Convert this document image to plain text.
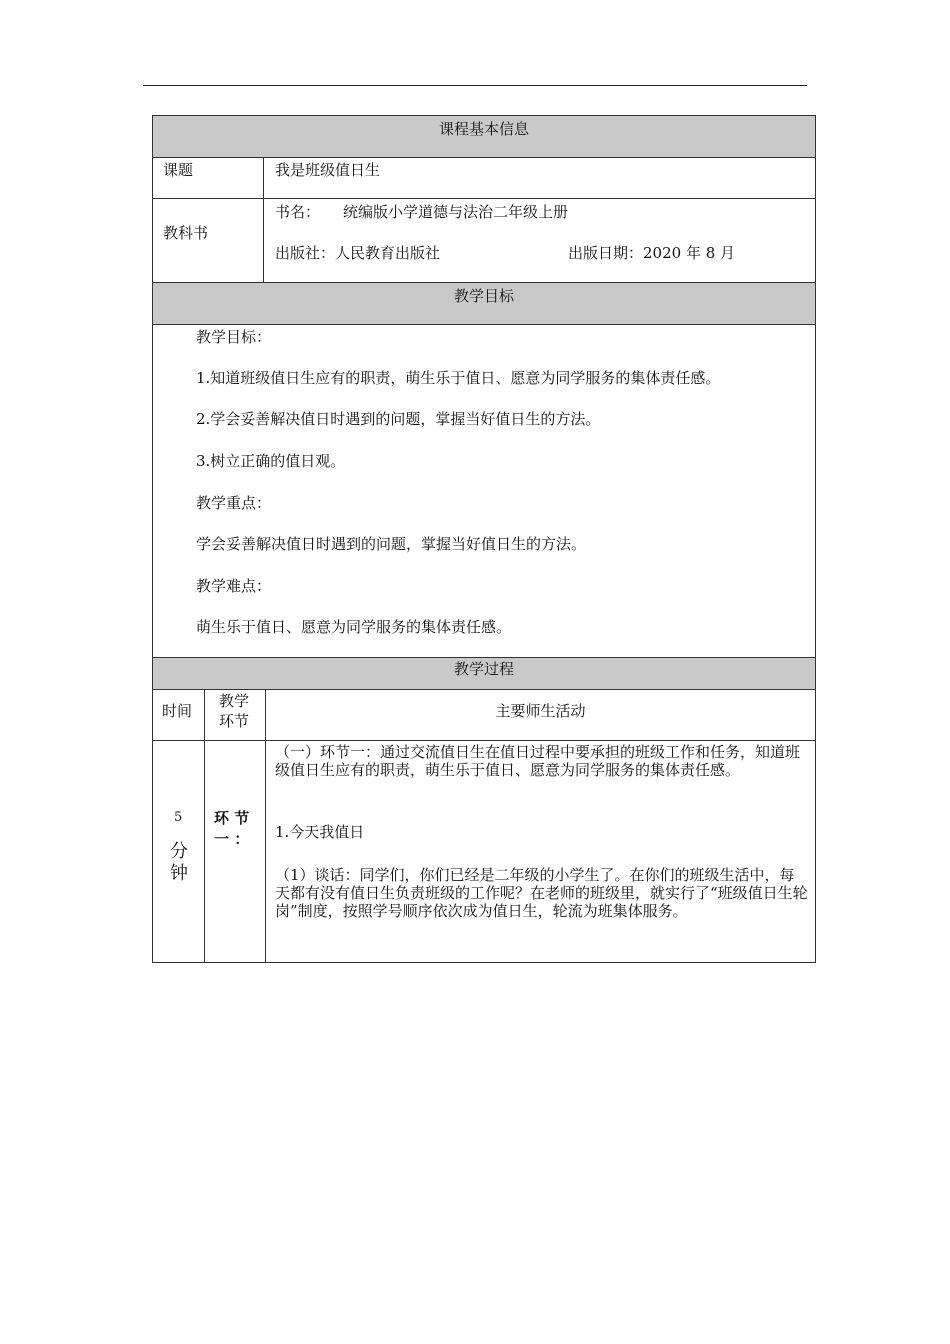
课程基本信息
课题	我是班级值日生
教科书
书名： 统编版小学道德与法治二年级上册
出版社：人民教育出版社	出版日期：2020 年 8 月
教学目标
教学目标：
1.知道班级值日生应有的职责，萌生乐于值日、愿意为同学服务的集体责任感。
2.学会妥善解决值日时遇到的问题，掌握当好值日生的方法。
3.树立正确的值日观。
教学重点：
学会妥善解决值日时遇到的问题，掌握当好值日生的方法。
教学难点：
萌生乐于值日、愿意为同学服务的集体责任感。
教学过程
时间
教学
环节
主要师生活动
5
分
钟
环 节
一 ：
（一）环节一：通过交流值日生在值日过程中要承担的班级工作和任务，知道班级值日生应有的职责，萌生乐于值日、愿意为同学服务的集体责任感。
1.今天我值日
（1）谈话：同学们，你们已经是二年级的小学生了。在你们的班级生活中，每天都有没有值日生负责班级的工作呢？在老师的班级里，就实行了“班级值日生轮岗”制度，按照学号顺序依次成为值日生，轮流为班集体服务。
